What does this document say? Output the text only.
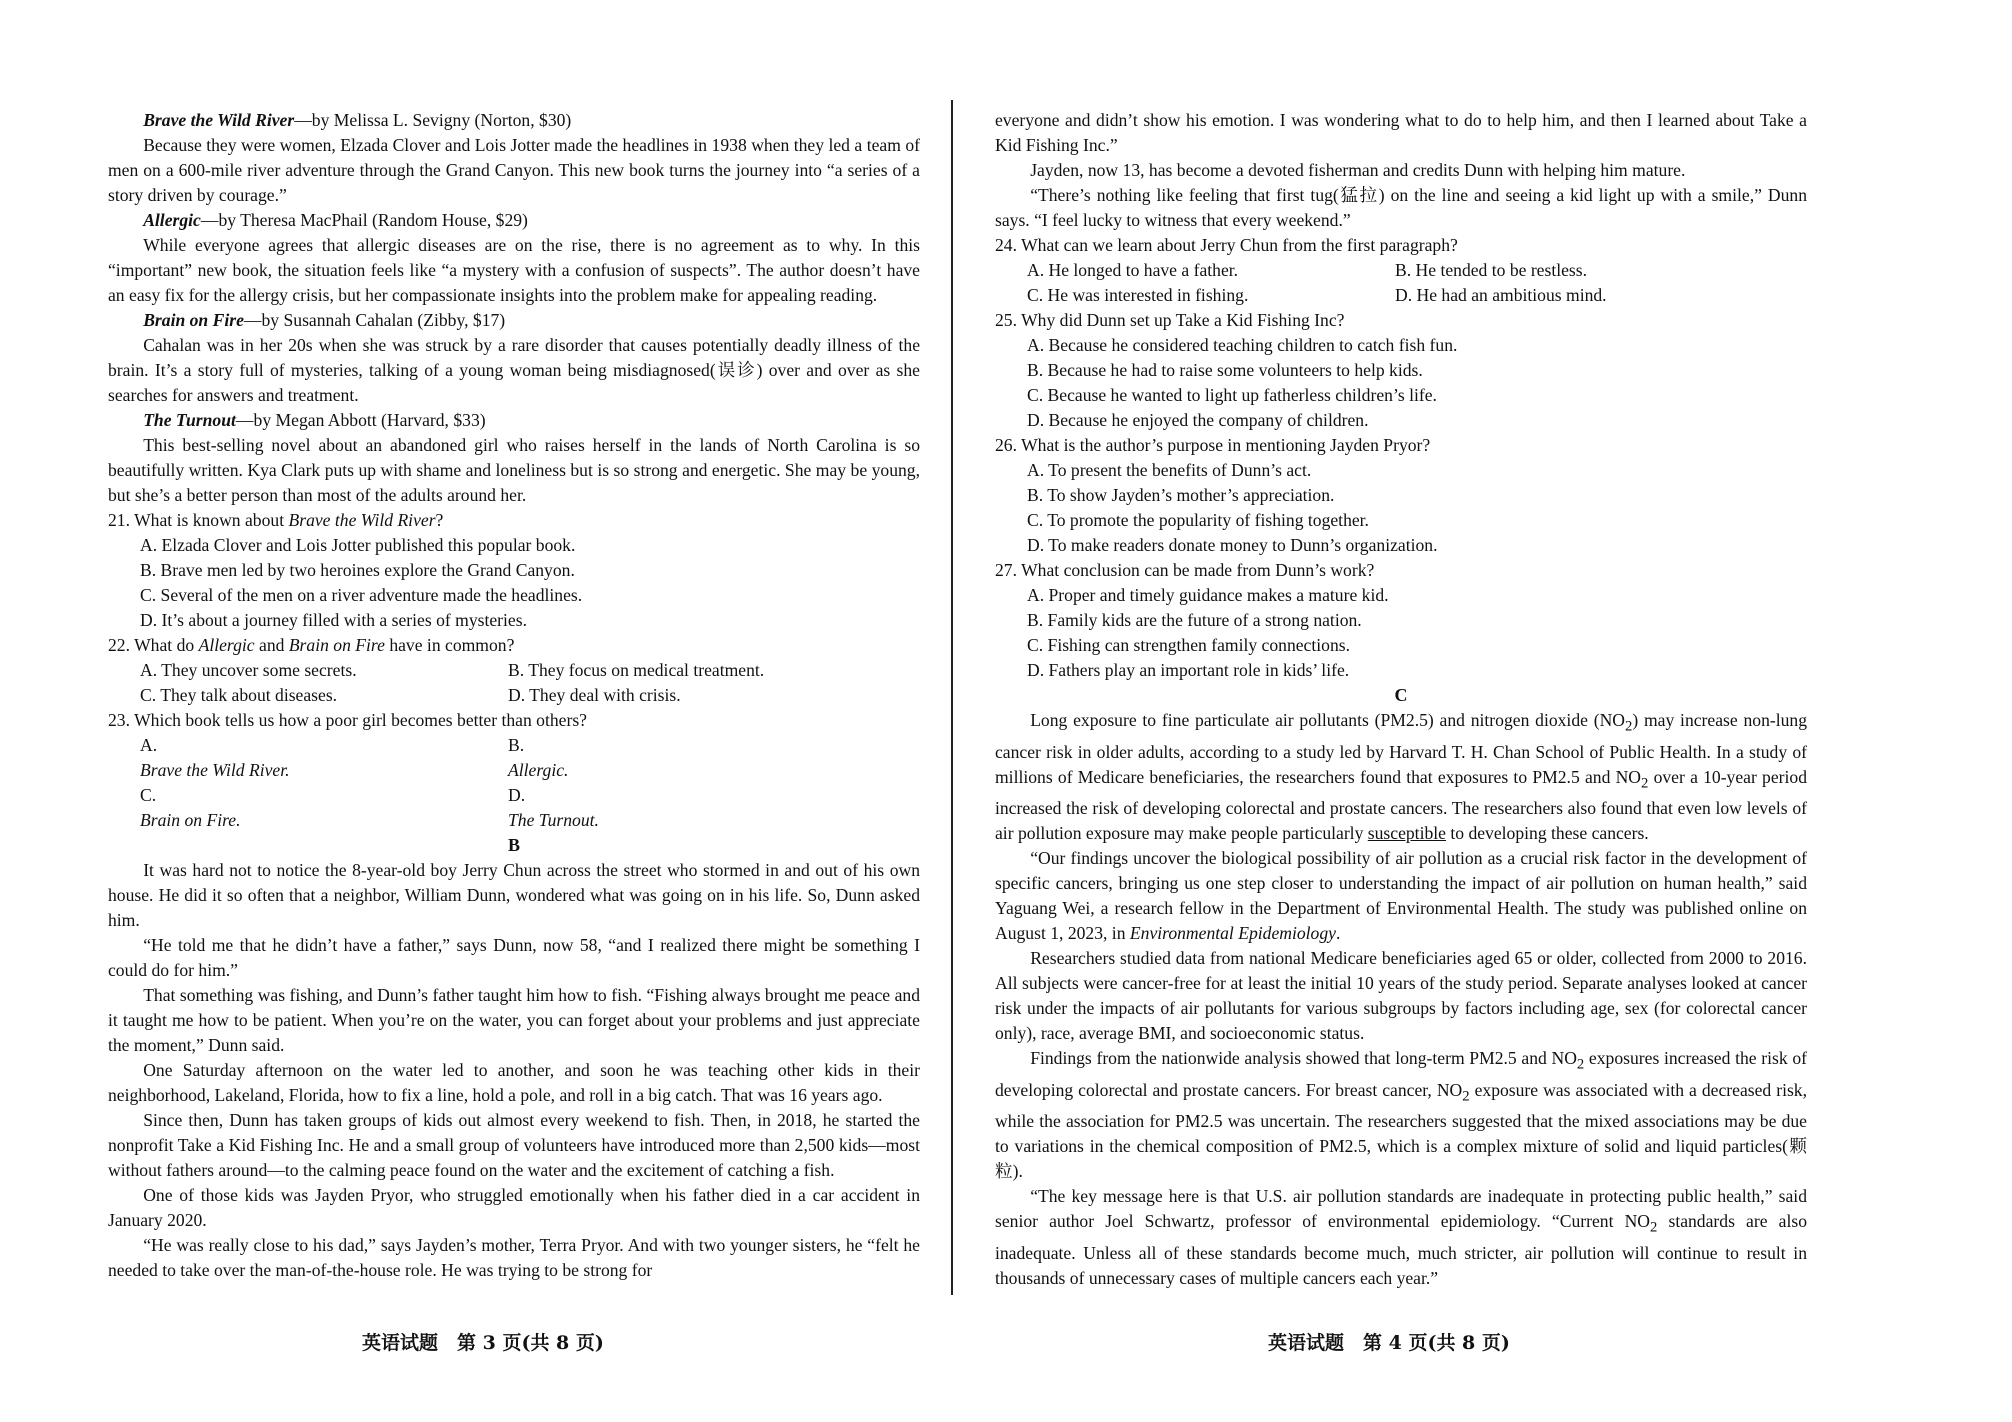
Brave the Wild River—by Melissa L. Sevigny (Norton, $30)

Because they were women, Elzada Clover and Lois Jotter made the headlines in 1938 when they led a team of men on a 600-mile river adventure through the Grand Canyon. This new book turns the journey into “a series of a story driven by courage.”

Allergic—by Theresa MacPhail (Random House, $29)

While everyone agrees that allergic diseases are on the rise, there is no agreement as to why. In this “important” new book, the situation feels like “a mystery with a confusion of suspects”. The author doesn’t have an easy fix for the allergy crisis, but her compassionate insights into the problem make for appealing reading.

Brain on Fire—by Susannah Cahalan (Zibby, $17)

Cahalan was in her 20s when she was struck by a rare disorder that causes potentially deadly illness of the brain. It’s a story full of mysteries, talking of a young woman being misdiagnosed(误诊) over and over as she searches for answers and treatment.

The Turnout—by Megan Abbott (Harvard, $33)

This best-selling novel about an abandoned girl who raises herself in the lands of North Carolina is so beautifully written. Kya Clark puts up with shame and loneliness but is so strong and energetic. She may be young, but she’s a better person than most of the adults around her.

21. What is known about Brave the Wild River?

A. Elzada Clover and Lois Jotter published this popular book.

B. Brave men led by two heroines explore the Grand Canyon.

C. Several of the men on a river adventure made the headlines.

D. It’s about a journey filled with a series of mysteries.

22. What do Allergic and Brain on Fire have in common?

A. They uncover some secrets.	B. They focus on medical treatment.
C. They talk about diseases.	D. They deal with crisis.

23. Which book tells us how a poor girl becomes better than others?

A.
Brave the Wild River.
B.
Allergic.
C.
Brain on Fire.
D.
The Turnout.

B

It was hard not to notice the 8-year-old boy Jerry Chun across the street who stormed in and out of his own house. He did it so often that a neighbor, William Dunn, wondered what was going on in his life. So, Dunn asked him.

“He told me that he didn’t have a father,” says Dunn, now 58, “and I realized there might be something I could do for him.”

That something was fishing, and Dunn’s father taught him how to fish. “Fishing always brought me peace and it taught me how to be patient. When you’re on the water, you can forget about your problems and just appreciate the moment,” Dunn said.

One Saturday afternoon on the water led to another, and soon he was teaching other kids in their neighborhood, Lakeland, Florida, how to fix a line, hold a pole, and roll in a big catch. That was 16 years ago.

Since then, Dunn has taken groups of kids out almost every weekend to fish. Then, in 2018, he started the nonprofit Take a Kid Fishing Inc. He and a small group of volunteers have introduced more than 2,500 kids—most without fathers around—to the calming peace found on the water and the excitement of catching a fish.

One of those kids was Jayden Pryor, who struggled emotionally when his father died in a car accident in January 2020.

“He was really close to his dad,” says Jayden’s mother, Terra Pryor. And with two younger sisters, he “felt he needed to take over the man-of-the-house role. He was trying to be strong for

everyone and didn’t show his emotion. I was wondering what to do to help him, and then I learned about Take a Kid Fishing Inc.”

Jayden, now 13, has become a devoted fisherman and credits Dunn with helping him mature.

“There’s nothing like feeling that first tug(猛拉) on the line and seeing a kid light up with a smile,” Dunn says. “I feel lucky to witness that every weekend.”

24. What can we learn about Jerry Chun from the first paragraph?

A. He longed to have a father.	B. He tended to be restless.
C. He was interested in fishing.	D. He had an ambitious mind.

25. Why did Dunn set up Take a Kid Fishing Inc?

A. Because he considered teaching children to catch fish fun.

B. Because he had to raise some volunteers to help kids.

C. Because he wanted to light up fatherless children’s life.

D. Because he enjoyed the company of children.

26. What is the author’s purpose in mentioning Jayden Pryor?

A. To present the benefits of Dunn’s act.

B. To show Jayden’s mother’s appreciation.

C. To promote the popularity of fishing together.

D. To make readers donate money to Dunn’s organization.

27. What conclusion can be made from Dunn’s work?

A. Proper and timely guidance makes a mature kid.

B. Family kids are the future of a strong nation.

C. Fishing can strengthen family connections.

D. Fathers play an important role in kids’ life.

C

Long exposure to fine particulate air pollutants (PM2.5) and nitrogen dioxide $(NO_2)$ may increase non-lung cancer risk in older adults, according to a study led by Harvard T. H. Chan School of Public Health. In a study of millions of Medicare beneficiaries, the researchers found that exposures to PM2.5 and $NO_2$ over a 10-year period increased the risk of developing colorectal and prostate cancers. The researchers also found that even low levels of air pollution exposure may make people particularly susceptible to developing these cancers.

“Our findings uncover the biological possibility of air pollution as a crucial risk factor in the development of specific cancers, bringing us one step closer to understanding the impact of air pollution on human health,” said Yaguang Wei, a research fellow in the Department of Environmental Health. The study was published online on August 1, 2023, in Environmental Epidemiology.

Researchers studied data from national Medicare beneficiaries aged 65 or older, collected from 2000 to 2016. All subjects were cancer-free for at least the initial 10 years of the study period. Separate analyses looked at cancer risk under the impacts of air pollutants for various subgroups by factors including age, sex (for colorectal cancer only), race, average BMI, and socioeconomic status.

Findings from the nationwide analysis showed that long-term PM2.5 and $NO_2$ exposures increased the risk of developing colorectal and prostate cancers. For breast cancer, $NO_2$ exposure was associated with a decreased risk, while the association for PM2.5 was uncertain. The researchers suggested that the mixed associations may be due to variations in the chemical composition of PM2.5, which is a complex mixture of solid and liquid particles(颗粒).

“The key message here is that U.S. air pollution standards are inadequate in protecting public health,” said senior author Joel Schwartz, professor of environmental epidemiology. “Current $NO_2$ standards are also inadequate. Unless all of these standards become much, much stricter, air pollution will continue to result in thousands of unnecessary cases of multiple cancers each year.”

英语试题　第 3 页(共 8 页)	英语试题　第 4 页(共 8 页)
